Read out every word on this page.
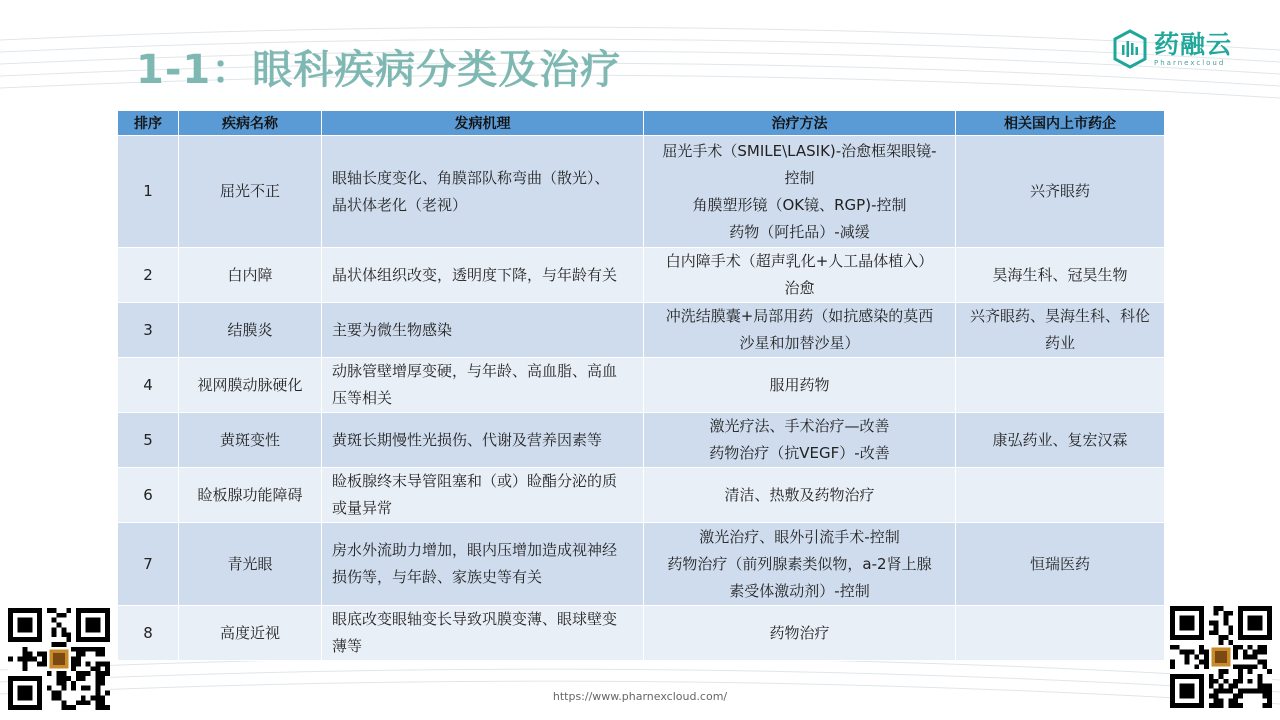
1-1：眼科疾病分类及治疗
药融云
Pharnexcloud
排序	疾病名称	发病机理	治疗方法	相关国内上市药企
1	屈光不正	眼轴长度变化、角膜部队称弯曲（散光）、
晶状体老化（老视）	屈光手术（SMILE\LASIK)-治愈框架眼镜-
控制
角膜塑形镜（OK镜、RGP)-控制
药物（阿托品）-减缓	兴齐眼药

2	白内障	晶状体组织改变，透明度下降，与年龄有关	白内障手术（超声乳化+人工晶体植入）
治愈	昊海生科、冠昊生物

3	结膜炎	主要为微生物感染	冲洗结膜囊+局部用药（如抗感染的莫西
沙星和加替沙星）	兴齐眼药、昊海生科、科伦
药业

4	视网膜动脉硬化	动脉管壁增厚变硬，与年龄、高血脂、高血
压等相关	服用药物	

5	黄斑变性	黄斑长期慢性光损伤、代谢及营养因素等	激光疗法、手术治疗—改善
药物治疗（抗VEGF）-改善	康弘药业、复宏汉霖

6	睑板腺功能障碍	睑板腺终末导管阻塞和（或）睑酯分泌的质
或量异常	清洁、热敷及药物治疗	

7	青光眼	房水外流助力增加，眼内压增加造成视神经
损伤等，与年龄、家族史等有关	激光治疗、眼外引流手术-控制
药物治疗（前列腺素类似物，a-2肾上腺
素受体激动剂）-控制	恒瑞医药

8	高度近视	眼底改变眼轴变长导致巩膜变薄、眼球壁变
薄等	药物治疗	

https://www.pharnexcloud.com/
